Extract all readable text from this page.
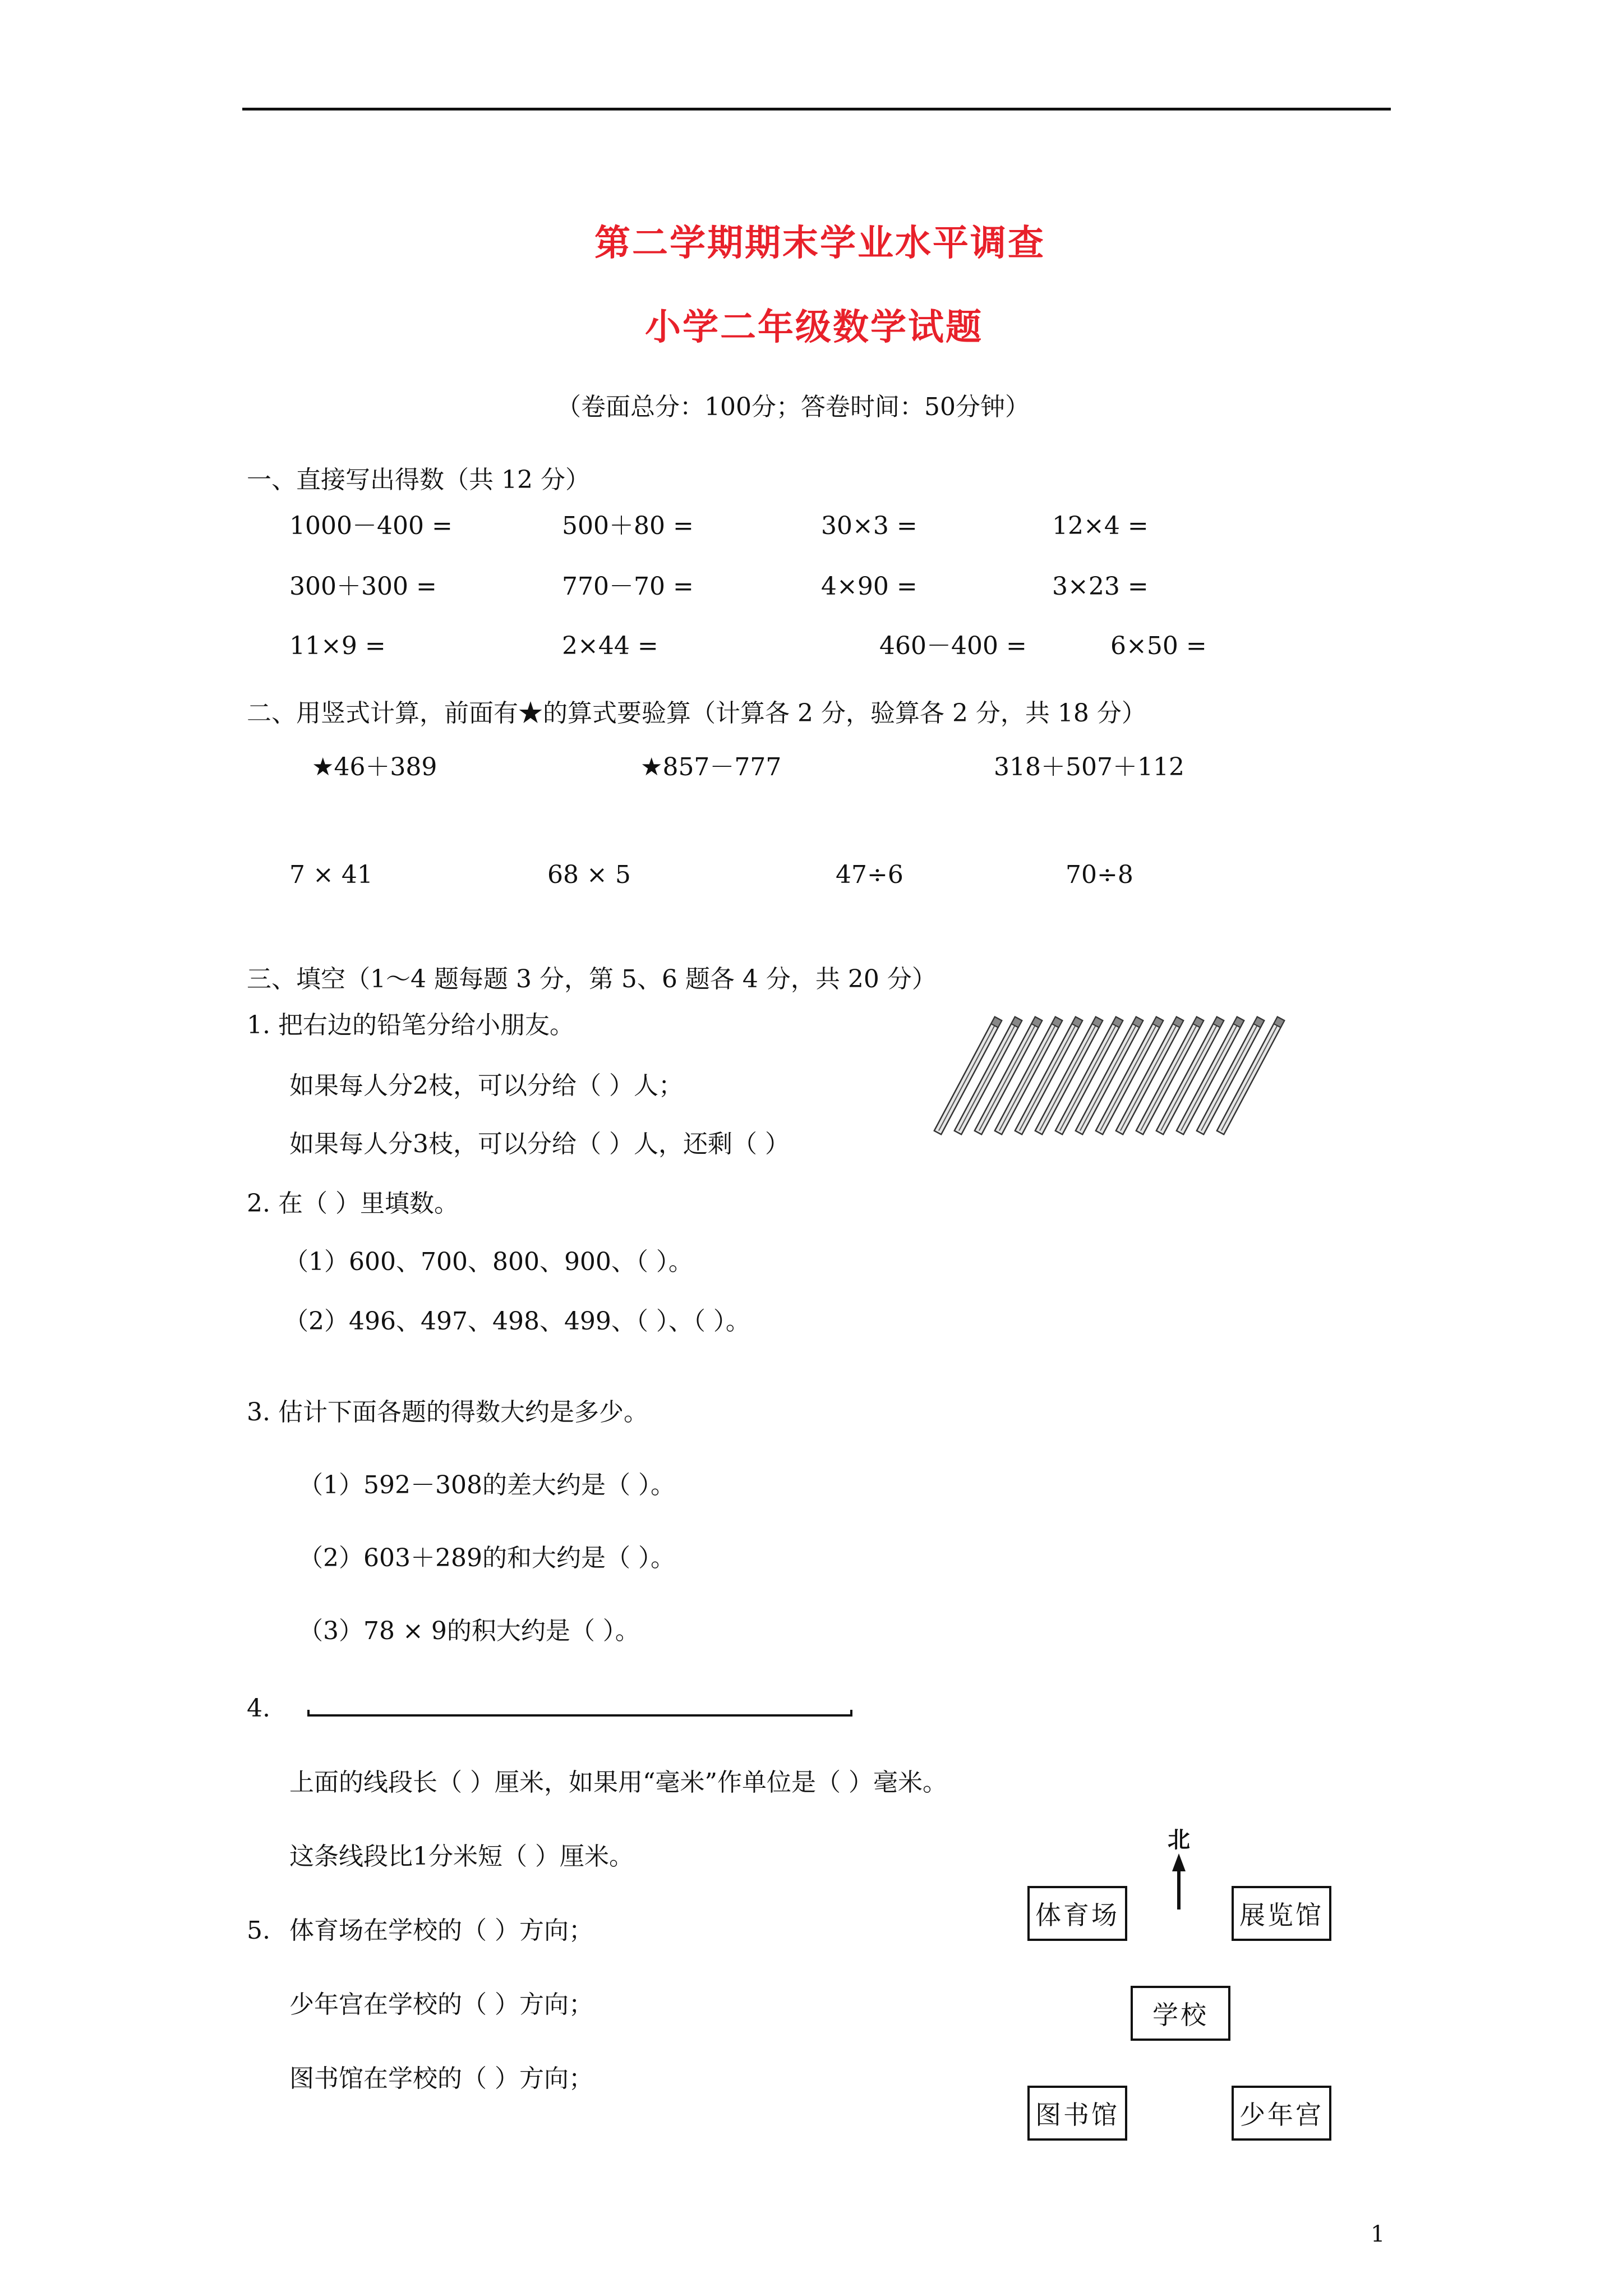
第二学期期末学业水平调查
小学二年级数学试题
（卷面总分：100分；答卷时间：50分钟）
一、直接写出得数（共 12 分）
1000－400 =	500＋80 =	30×3 =	12×4 =
300＋300 =	770－70 =	4×90 =	3×23 =
11×9 =	2×44 =	460－400 =	6×50 =
二、用竖式计算，前面有★的算式要验算（计算各 2 分，验算各 2 分，共 18 分）
★46＋389	★857－777	318＋507＋112
7 × 41	68 × 5	47÷6	70÷8
三、填空（1～4 题每题 3 分，第 5、6 题各 4 分，共 20 分）
1. 把右边的铅笔分给小朋友。
如果每人分2枝，可以分给（ ）人；
如果每人分3枝，可以分给（ ）人，还剩（ ）
2. 在（ ）里填数。
（1）600、700、800、900、（ ）。
（2）496、497、498、499、（ ）、（ ）。
3. 估计下面各题的得数大约是多少。
（1）592－308的差大约是（ ）。
（2）603＋289的和大约是（ ）。
（3）78 × 9的积大约是（ ）。
4.
上面的线段长（ ）厘米，如果用“毫米”作单位是（ ）毫米。
这条线段比1分米短（ ）厘米。
5. 体育场在学校的（ ）方向；
少年宫在学校的（ ）方向；
图书馆在学校的（ ）方向；
北
体育场	展览馆
学校
图书馆	少年宫
1
